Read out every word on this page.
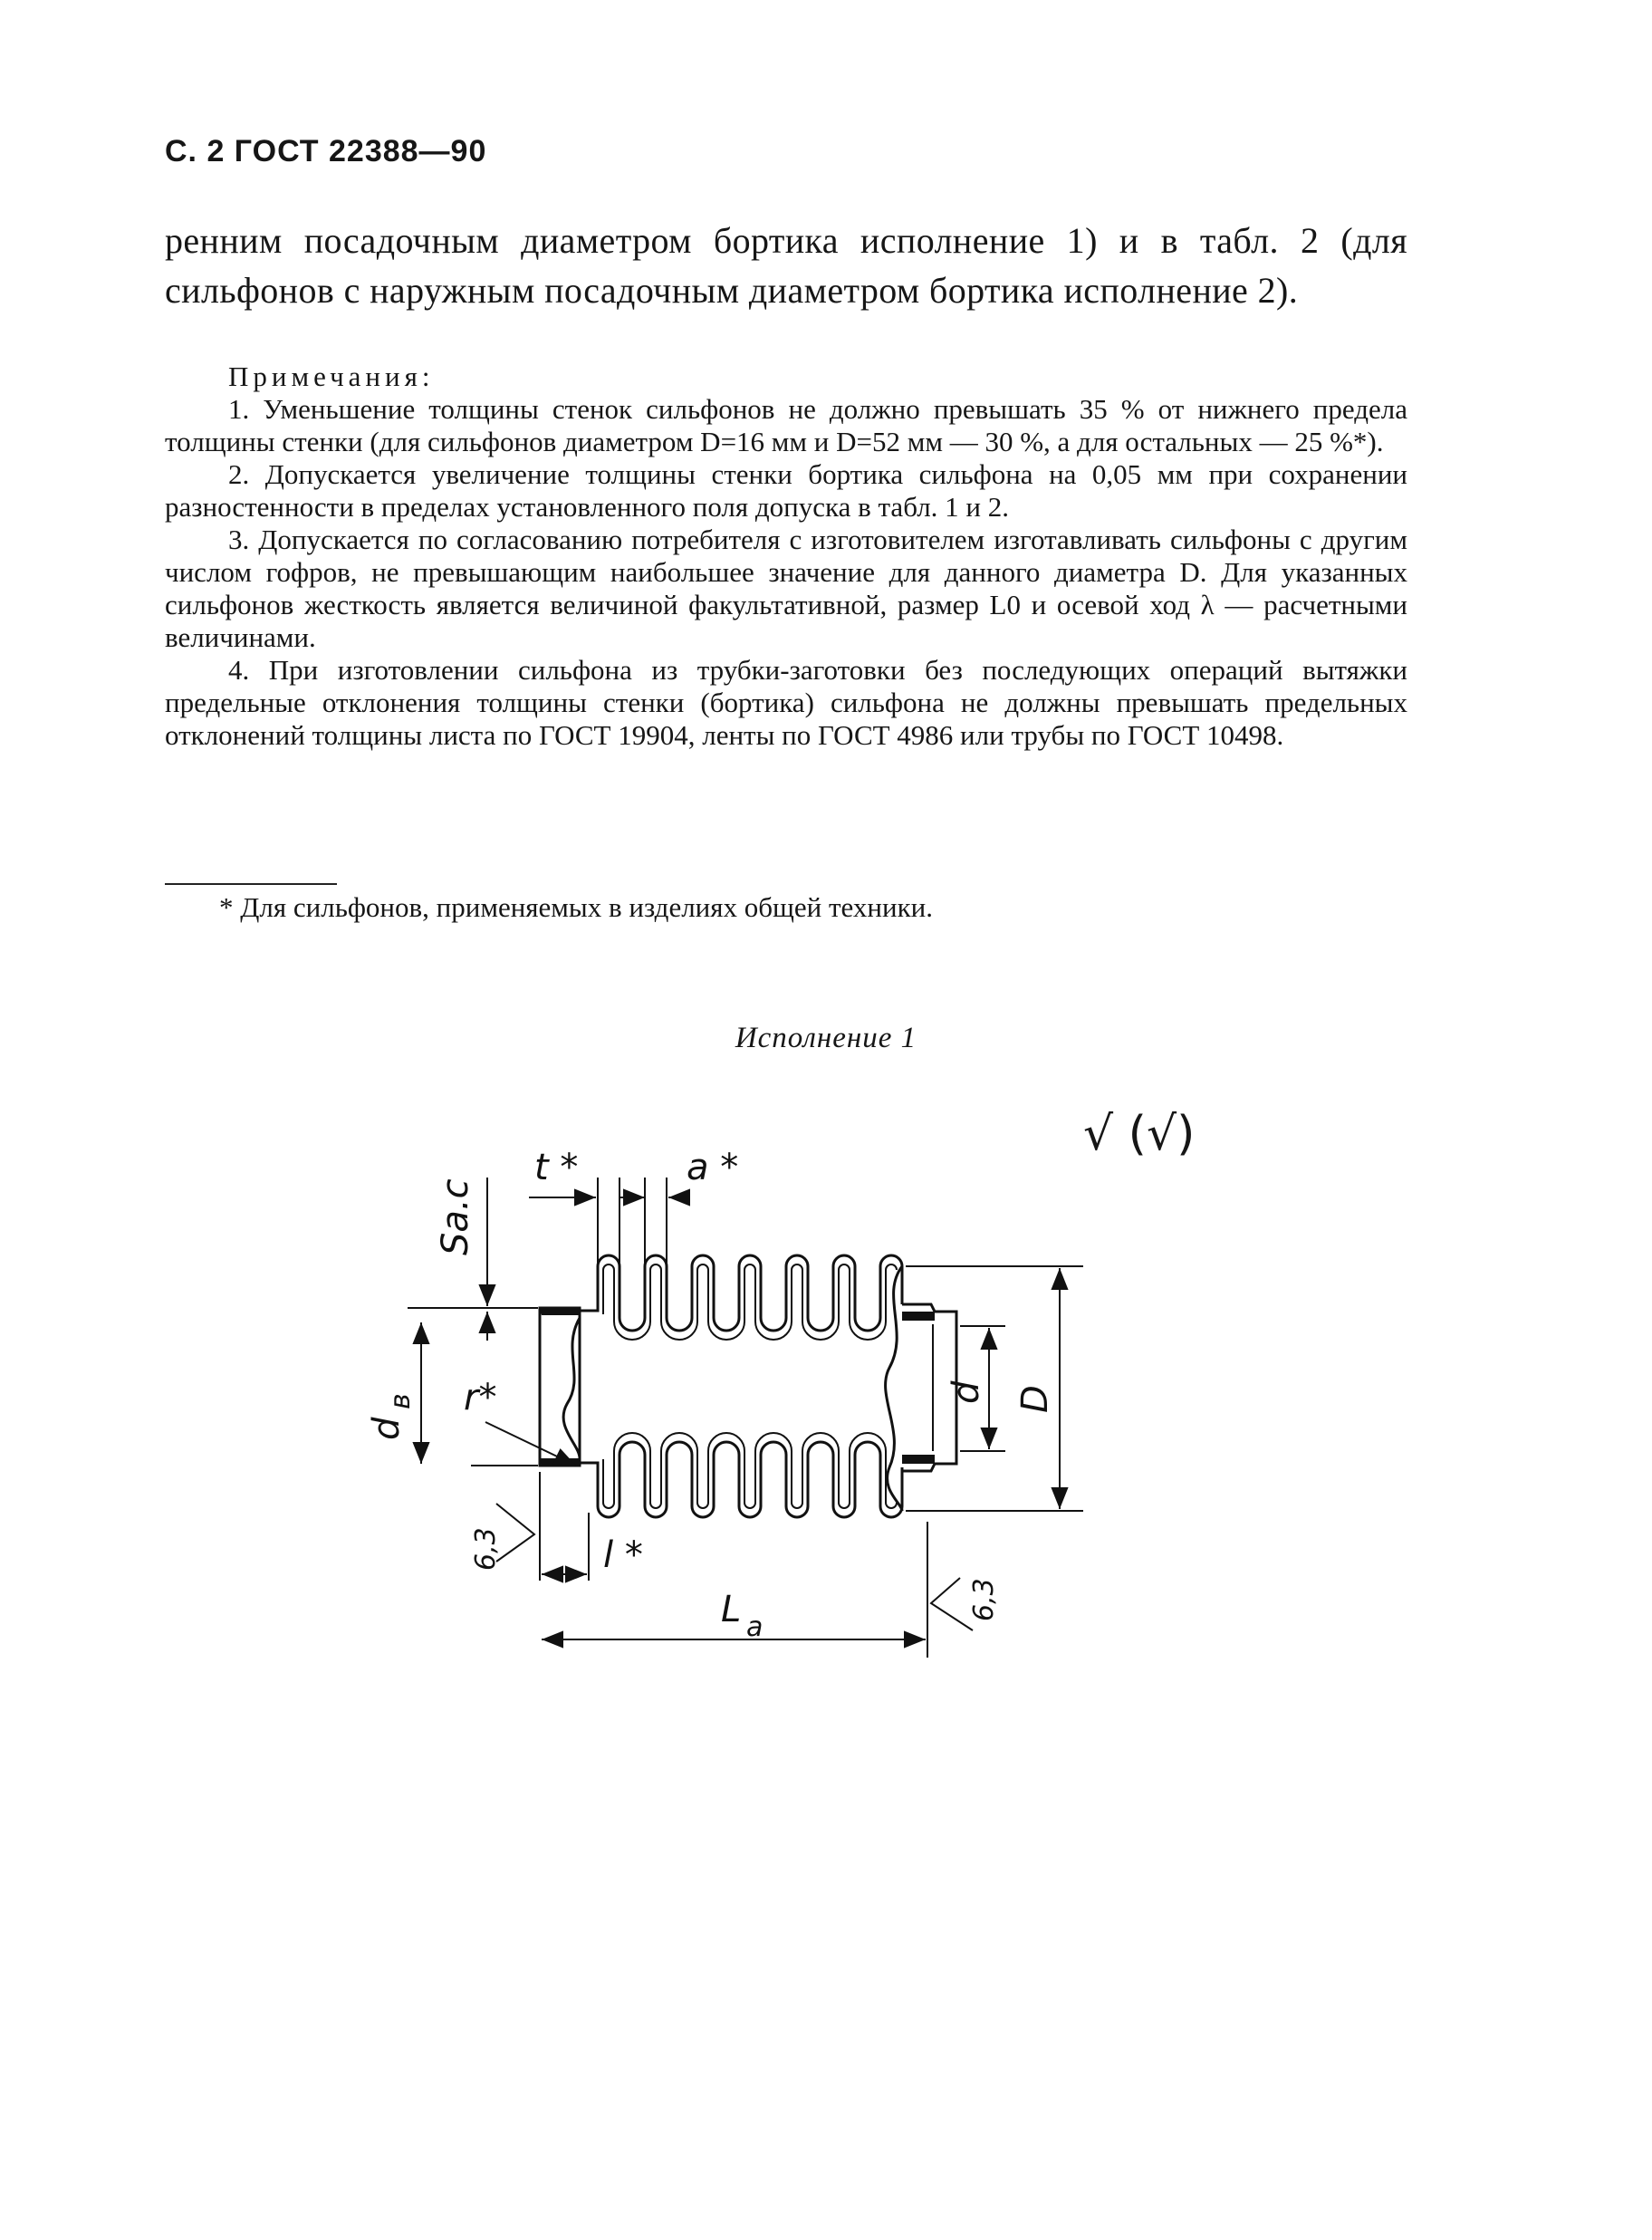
С. 2 ГОСТ 22388—90
ренним посадочным диаметром бортика исполнение 1) и в табл. 2 (для сильфонов с наружным посадочным диаметром бортика исполнение 2).
Примечания:
1. Уменьшение толщины стенок сильфонов не должно превышать 35 % от нижнего предела толщины стенки (для сильфонов диаметром D=16 мм и D=52 мм — 30 %, а для остальных — 25 %*).
2. Допускается увеличение толщины стенки бортика сильфона на 0,05 мм при сохранении разностенности в пределах установленного поля допуска в табл. 1 и 2.
3. Допускается по согласованию потребителя с изготовителем изготавливать сильфоны с другим числом гофров, не превышающим наибольшее значение для данного диаметра D. Для указанных сильфонов жесткость является величиной факультативной, размер L0 и осевой ход λ — расчетными величинами.
4. При изготовлении сильфона из трубки-заготовки без последующих операций вытяжки предельные отклонения толщины стенки (бортика) сильфона не должны превышать предельных отклонений толщины листа по ГОСТ 19904, ленты по ГОСТ 4986 или трубы по ГОСТ 10498.
* Для сильфонов, применяемых в изделиях общей техники.
Исполнение 1
√ (√)
t *	a *
Sa.c
d
в r*	d D
l *
L a
6,3
6,3
